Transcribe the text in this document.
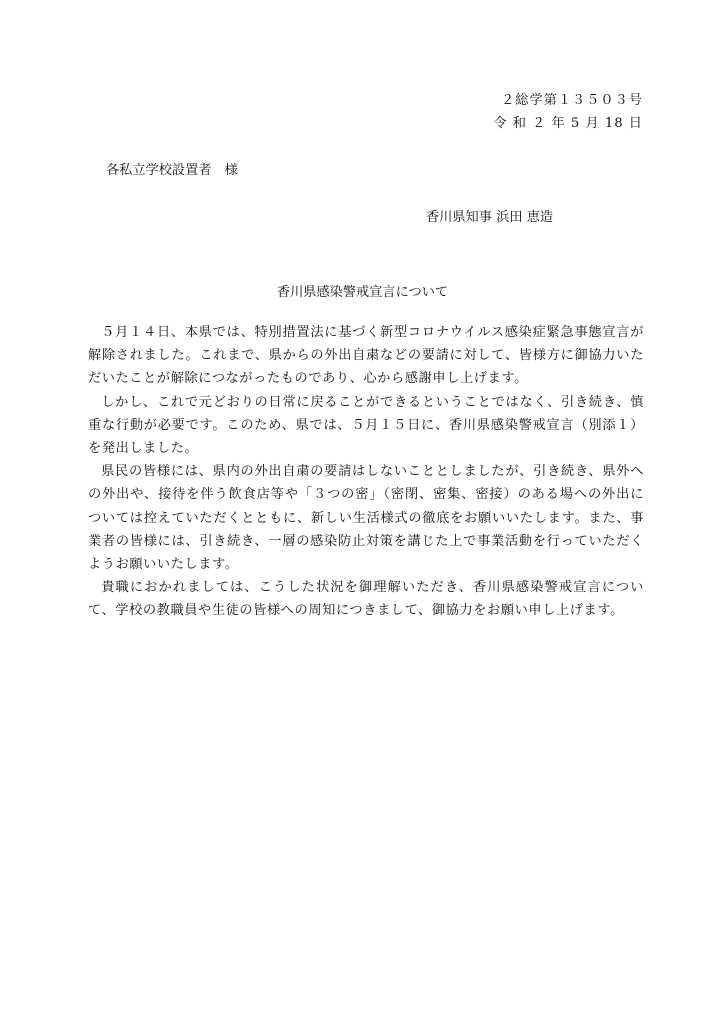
２総学第１３５０３号
令 和 ２ 年 5 月 18 日
各私立学校設置者　様
香川県知事 浜田 恵造
香川県感染警戒宣言について

５月１４日、本県では、特別措置法に基づく新型コロナウイルス感染症緊急事態宣言が解除されました。これまで、県からの外出自粛などの要請に対して、皆様方に御協力いただいたことが解除につながったものであり、心から感謝申し上げます。

しかし、これで元どおりの日常に戻ることができるということではなく、引き続き、慎重な行動が必要です。このため、県では、５月１５日に、香川県感染警戒宣言（別添１）を発出しました。

県民の皆様には、県内の外出自粛の要請はしないこととしましたが、引き続き、県外への外出や、接待を伴う飲食店等や「３つの密」（密閉、密集、密接）のある場への外出については控えていただくとともに、新しい生活様式の徹底をお願いいたします。また、事業者の皆様には、引き続き、一層の感染防止対策を講じた上で事業活動を行っていただくようお願いいたします。

貴職におかれましては、こうした状況を御理解いただき、香川県感染警戒宣言について、学校の教職員や生徒の皆様への周知につきまして、御協力をお願い申し上げます。
